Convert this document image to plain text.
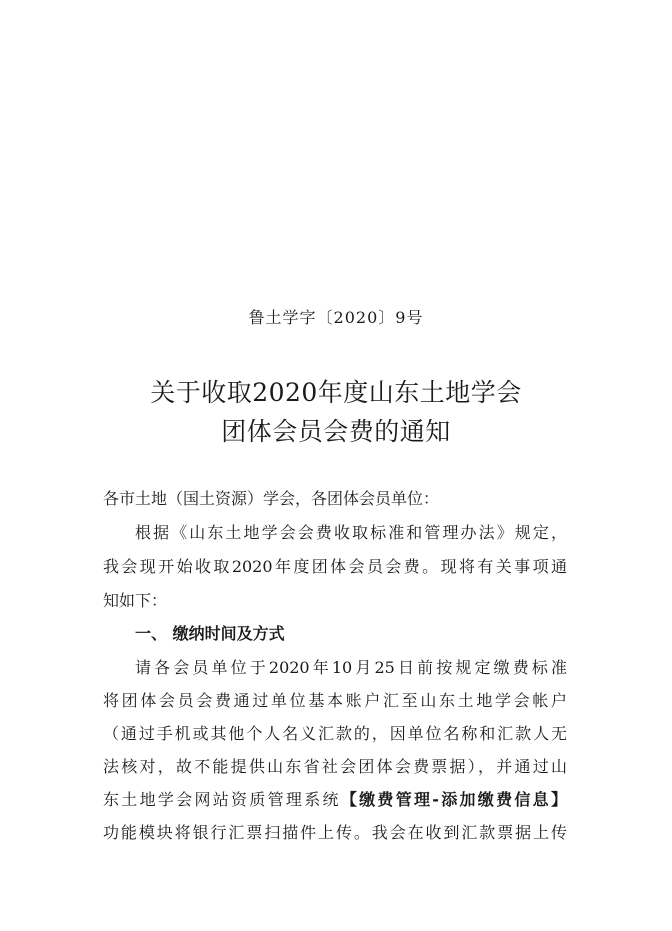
鲁土学字〔2020〕9号
关于收取2020年度山东土地学会
团体会员会费的通知
各市土地（国土资源）学会，各团体会员单位：
根据《山东土地学会会费收取标准和管理办法》规定，
我会现开始收取2020年度团体会员会费。现将有关事项通
知如下：
一、 缴纳时间及方式
请各会员单位于2020年10月25日前按规定缴费标准
将团体会员会费通过单位基本账户汇至山东土地学会帐户
（通过手机或其他个人名义汇款的，因单位名称和汇款人无
法核对，故不能提供山东省社会团体会费票据），并通过山
东土地学会网站资质管理系统【缴费管理-添加缴费信息】
功能模块将银行汇票扫描件上传。我会在收到汇款票据上传
